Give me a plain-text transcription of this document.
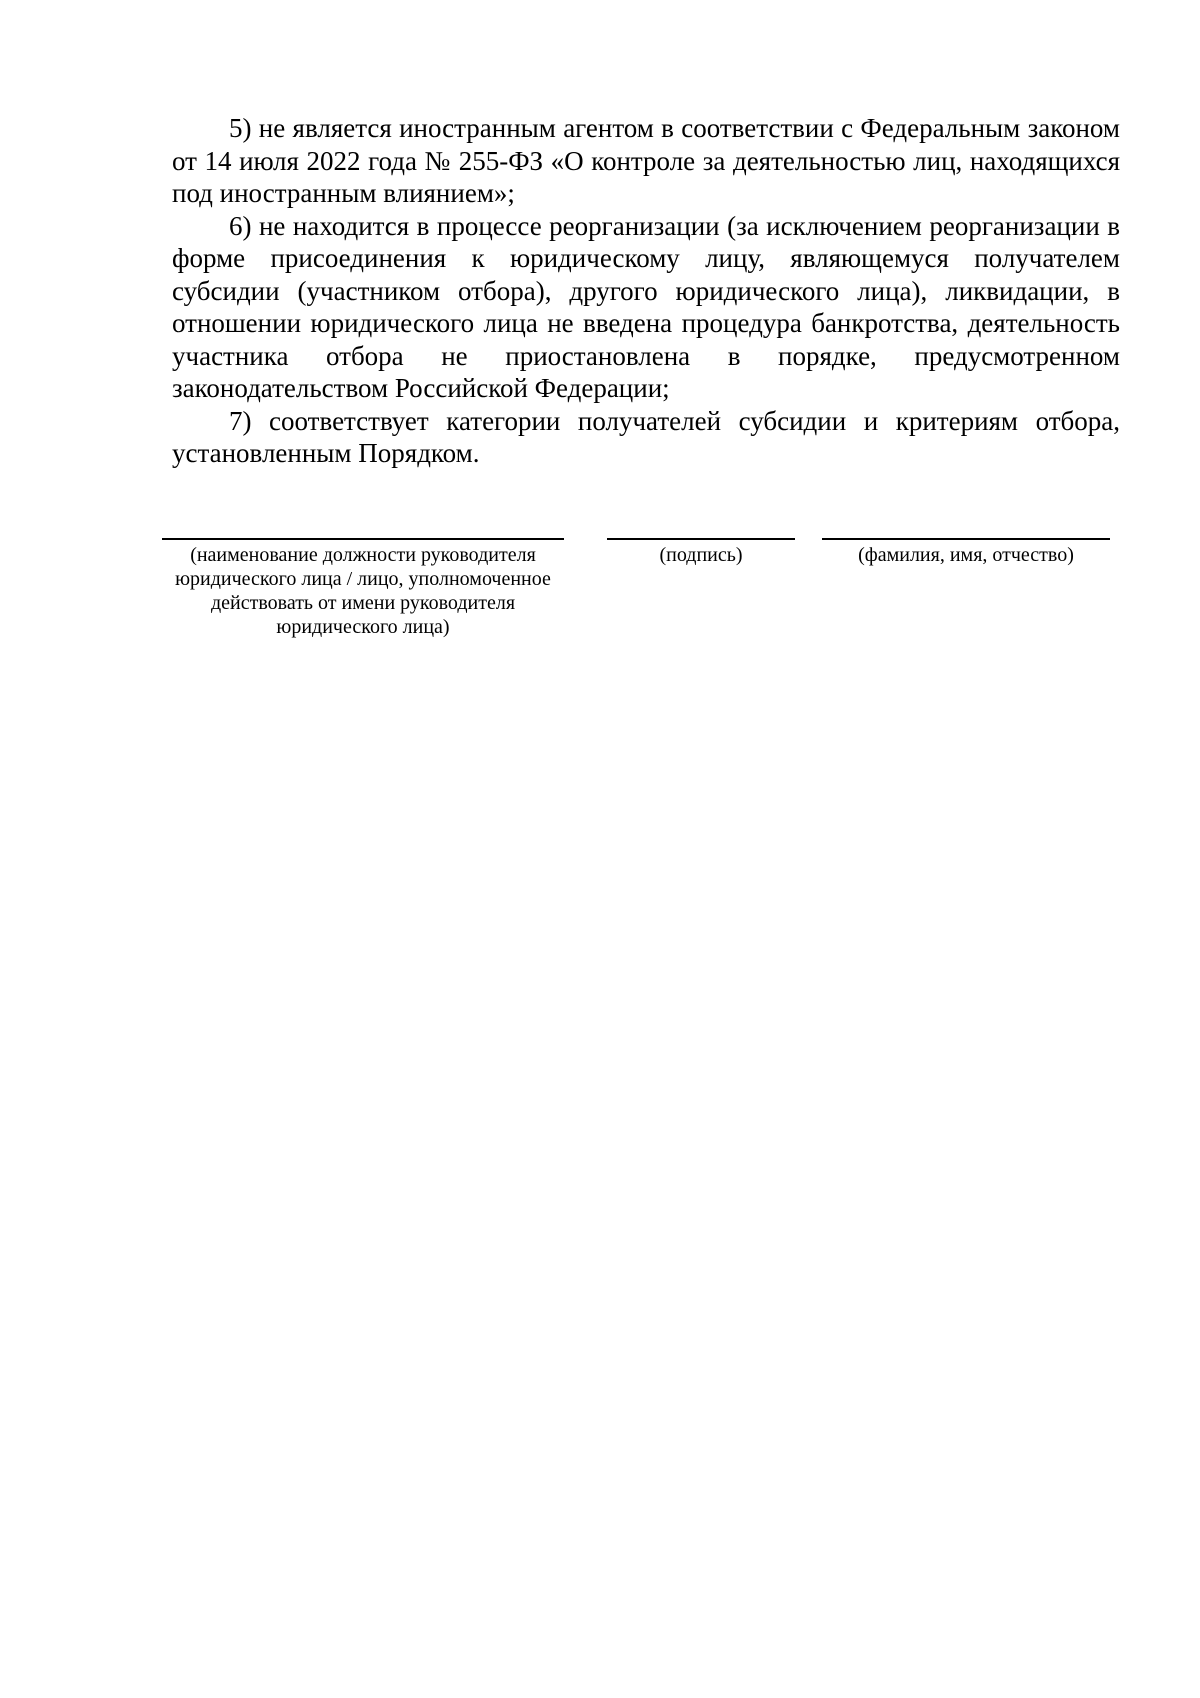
5) не является иностранным агентом в соответствии с Федеральным законом от 14 июля 2022 года № 255-ФЗ «О контроле за деятельностью лиц, находящихся под иностранным влиянием»;

6) не находится в процессе реорганизации (за исключением реорганизации в форме присоединения к юридическому лицу, являющемуся получателем субсидии (участником отбора), другого юридического лица), ликвидации, в отношении юридического лица не введена процедура банкротства, деятельность участника отбора не приостановлена в порядке, предусмотренном законодательством Российской Федерации;

7) соответствует категории получателей субсидии и критериям отбора, установленным Порядком.

(наименование должности руководителя юридического лица / лицо, уполномоченное действовать от имени руководителя юридического лица)
(подпись)	(фамилия, имя, отчество)
